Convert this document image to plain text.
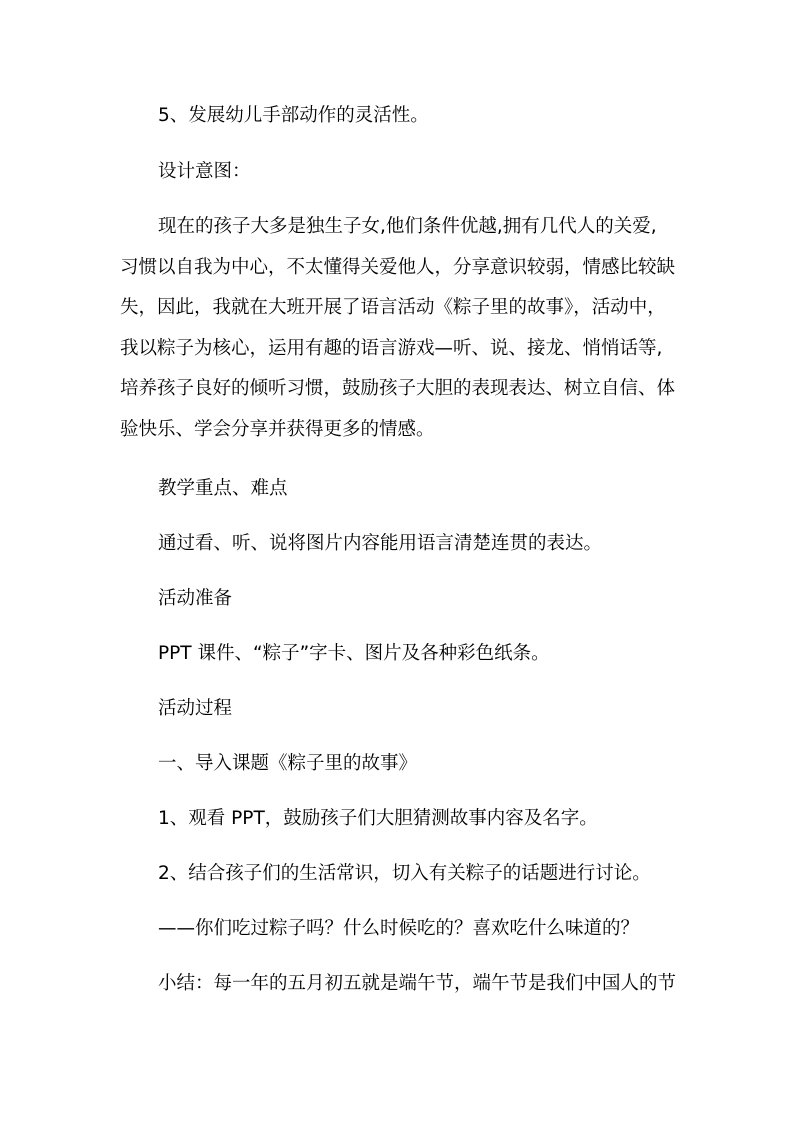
5、发展幼儿手部动作的灵活性。

设计意图：

现在的孩子大多是独生子女,他们条件优越,拥有几代人的关爱,
习惯以自我为中心，不太懂得关爱他人，分享意识较弱，情感比较缺
失，因此，我就在大班开展了语言活动《粽子里的故事》，活动中，
我以粽子为核心，运用有趣的语言游戏—听、说、接龙、悄悄话等,
培养孩子良好的倾听习惯，鼓励孩子大胆的表现表达、树立自信、体
验快乐、学会分享并获得更多的情感。

教学重点、难点

通过看、听、说将图片内容能用语言清楚连贯的表达。

活动准备

PPT 课件、“粽子”字卡、图片及各种彩色纸条。

活动过程

一、导入课题《粽子里的故事》

1、观看 PPT，鼓励孩子们大胆猜测故事内容及名字。

2、结合孩子们的生活常识，切入有关粽子的话题进行讨论。

——你们吃过粽子吗？什么时候吃的？喜欢吃什么味道的？

小结：每一年的五月初五就是端午节，端午节是我们中国人的节
